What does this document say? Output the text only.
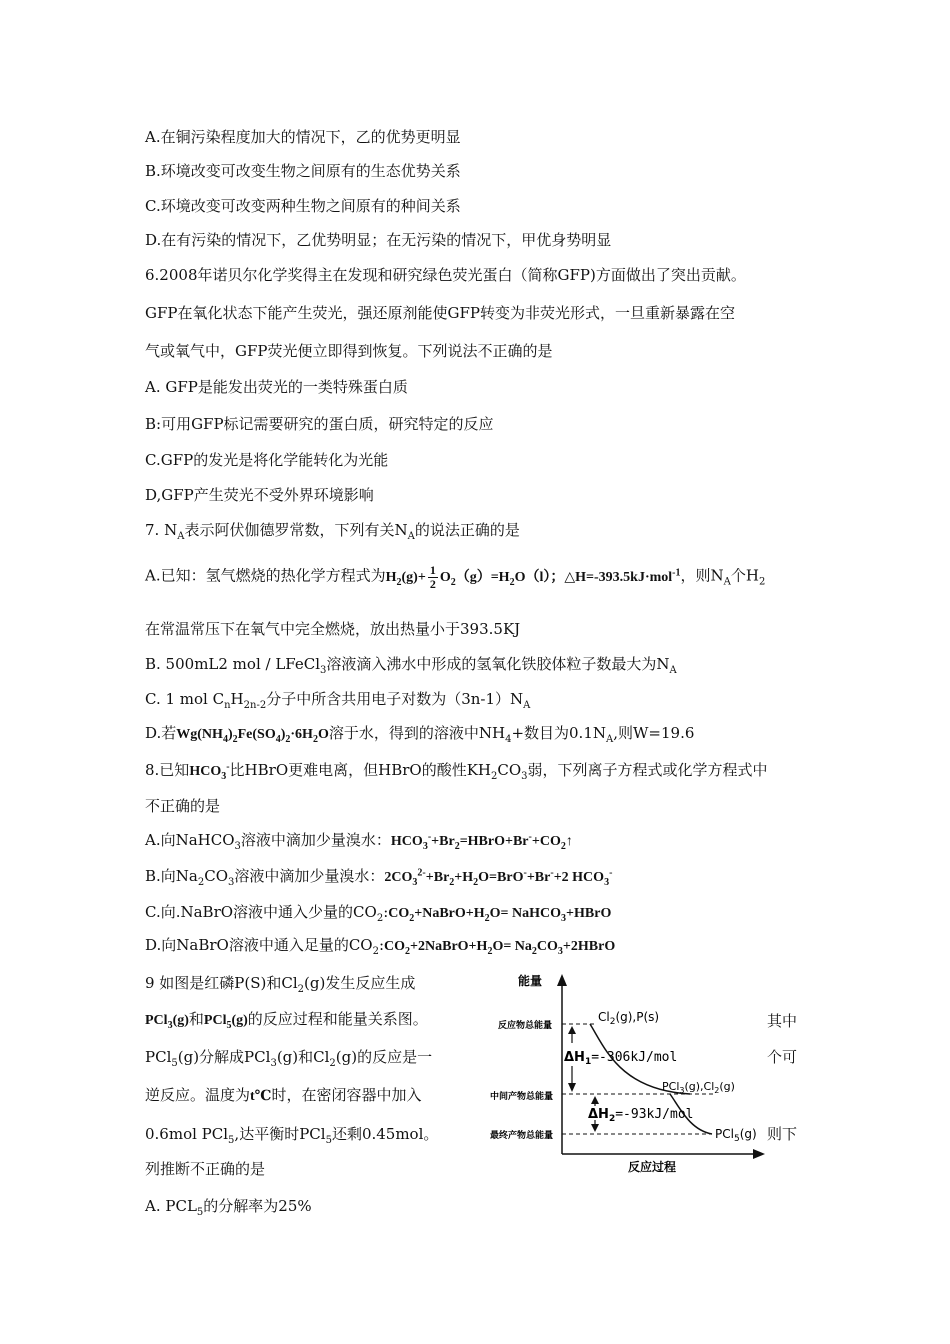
A.在铜污染程度加大的情况下，乙的优势更明显
B.环境改变可改变生物之间原有的生态优势关系
C.环境改变可改变两种生物之间原有的种间关系
D.在有污染的情况下，乙优势明显；在无污染的情况下，甲优身势明显
6.2008年诺贝尔化学奖得主在发现和研究绿色荧光蛋白（简称GFP)方面做出了突出贡献。
GFP在氧化状态下能产生荧光，强还原剂能使GFP转变为非荧光形式，一旦重新暴露在空
气或氧气中，GFP荧光便立即得到恢复。下列说法不正确的是
A. GFP是能发出荧光的一类特殊蛋白质
B:可用GFP标记需要研究的蛋白质，研究特定的反应
C.GFP的发光是将化学能转化为光能
D,GFP产生荧光不受外界环境影响
7. $N_A$表示阿伏伽德罗常数，下列有关$N_A$的说法正确的是
A.已知：氢气燃烧的热化学方程式为$H_2(g)+ \frac{1}{2} O_2(g)=H_2O(l)$；△H=-393.5kJ·mol$^{-1}$，则$N_A$个$H_2$
在常温常压下在氧气中完全燃烧，放出热量小于393.5KJ
B. 500mL2 mol / LFeCl$_3$溶液滴入沸水中形成的氢氧化铁胶体粒子数最大为$N_A$
C. 1 mol $C_nH_{2n-2}$分子中所含共用电子对数为$(3n-1)N_A$
D.若$Wg(NH_4)_2Fe(SO_4)_2\cdot 6H_2O$溶于水，得到的溶液中$NH_4+$数目为$0.1N_A$,则W=19.6
8.已知$HCO_3^-$比HBrO更难电离，但HBrO的酸性$KH_2CO_3$弱，下列离子方程式或化学方程式中
不正确的是
A.向NaHCO$_3$溶液中滴加少量溴水：$HCO_3^-+Br_2=HBrO+Br^-+CO_2↑$
B.向$Na_2CO_3$溶液中滴加少量溴水：$2CO_3^{2-}+Br_2+H_2O=BrO^-+Br^-+2$ $HCO_3^-$
C.向.NaBrO溶液中通入少量的$CO_2:CO_2+NaBrO+H_2O=$ NaHCO$_3$+HBrO
D.向NaBrO溶液中通入足量的$CO_2:CO_2+2NaBrO+H_2O=$ $Na_2CO_3+2HBrO$
9 如图是红磷P(S)和$Cl_2(g)$发生反应生成
PCl$_3$(g)和PCl$_5$(g)的反应过程和能量关系图。
PCl$_5$(g)分解成PCl$_3$(g)和$Cl_2(g)$的反应是一
逆反应。温度为t℃时，在密闭容器中加入
0.6mol PCl$_5$,达平衡时PCl$_5$还剩0.45mol。
列推断不正确的是
A. $PCL_5$的分解率为25%
其中
个可
则下
能量
反应过程
反应物总能量
中间产物总能量
最终产物总能量
$Cl_2(g),P(s)$
$PCl_3(g),Cl_2(g)$
PCl$_5$(g)
$\Delta H_1=-306kJ$/mol
$\Delta H_2=-93kJ$/mol
